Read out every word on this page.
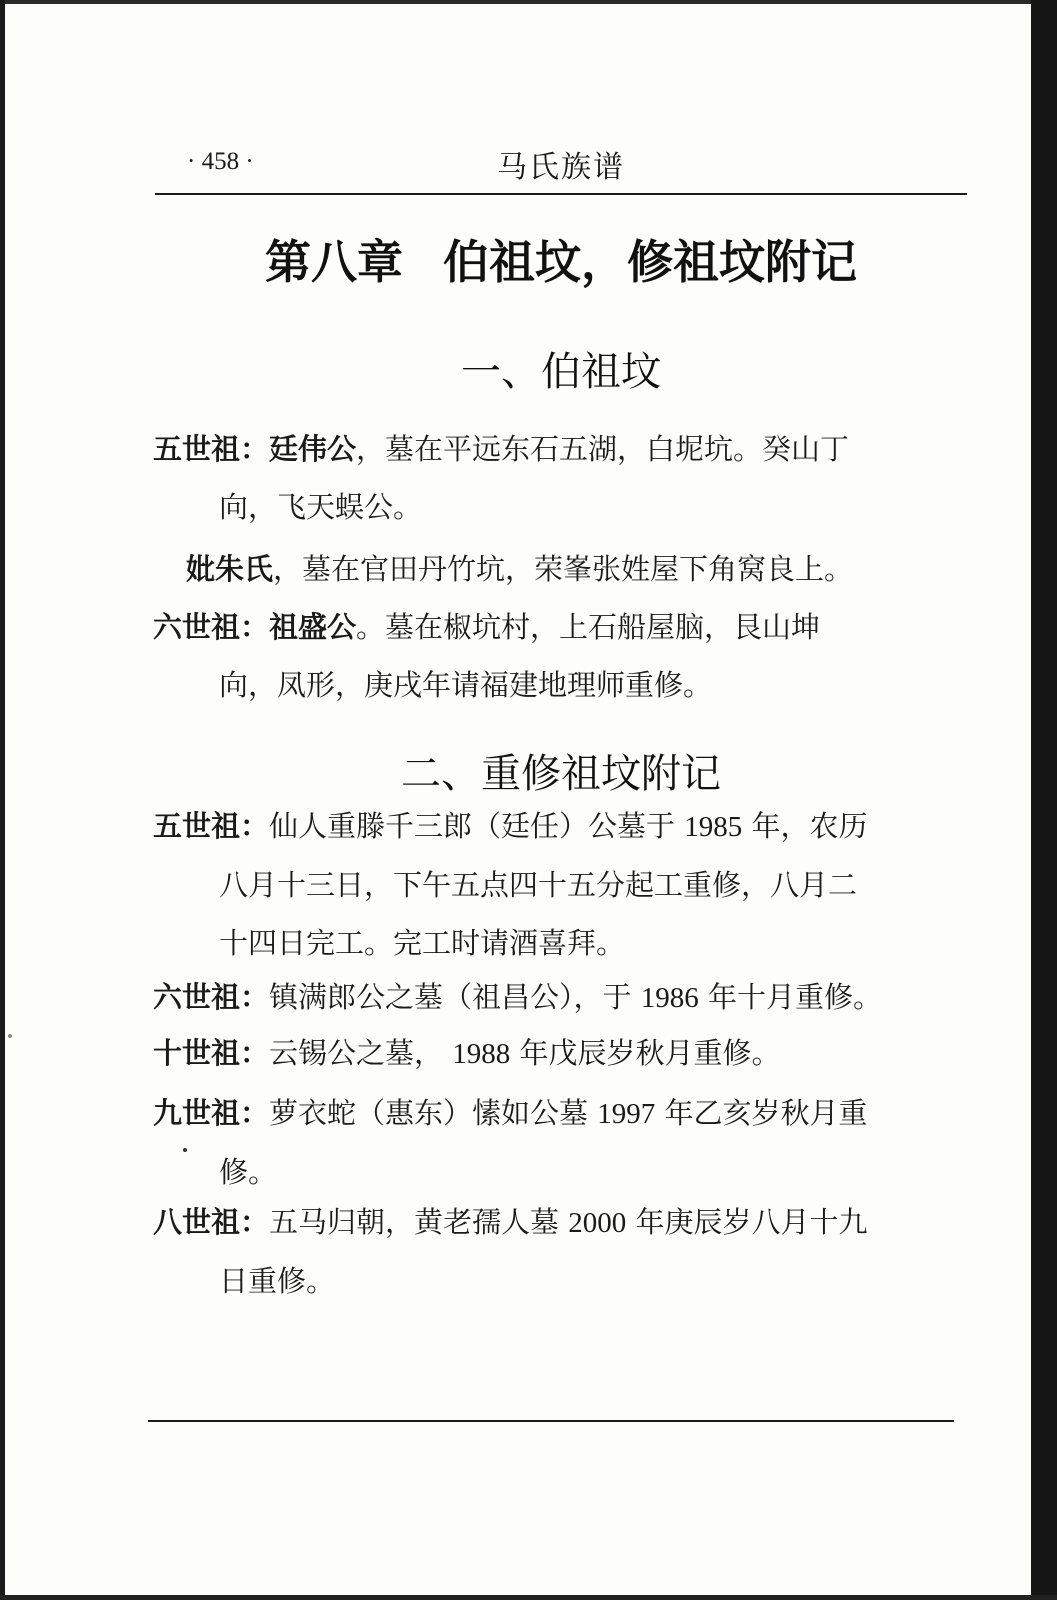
· 458 ·	马氏族谱
第八章 伯祖坟，修祖坟附记
一、伯祖坟
五世祖：廷伟公，墓在平远东石五湖，白坭坑。癸山丁
向，飞天蜈公。
妣朱氏，墓在官田丹竹坑，荣峯张姓屋下角窝良上。
六世祖：祖盛公。墓在椒坑村，上石船屋脑，艮山坤
向，凤形，庚戌年请福建地理师重修。
二、重修祖坟附记
五世祖：仙人重滕千三郎（廷任）公墓于 1985 年，农历
八月十三日，下午五点四十五分起工重修，八月二
十四日完工。完工时请酒喜拜。
六世祖：镇满郎公之墓（祖昌公），于 1986 年十月重修。
十世祖：云锡公之墓， 1988 年戊辰岁秋月重修。
九世祖：萝衣蛇（惠东）愫如公墓 1997 年乙亥岁秋月重
修。
八世祖：五马归朝，黄老孺人墓 2000 年庚辰岁八月十九
日重修。
